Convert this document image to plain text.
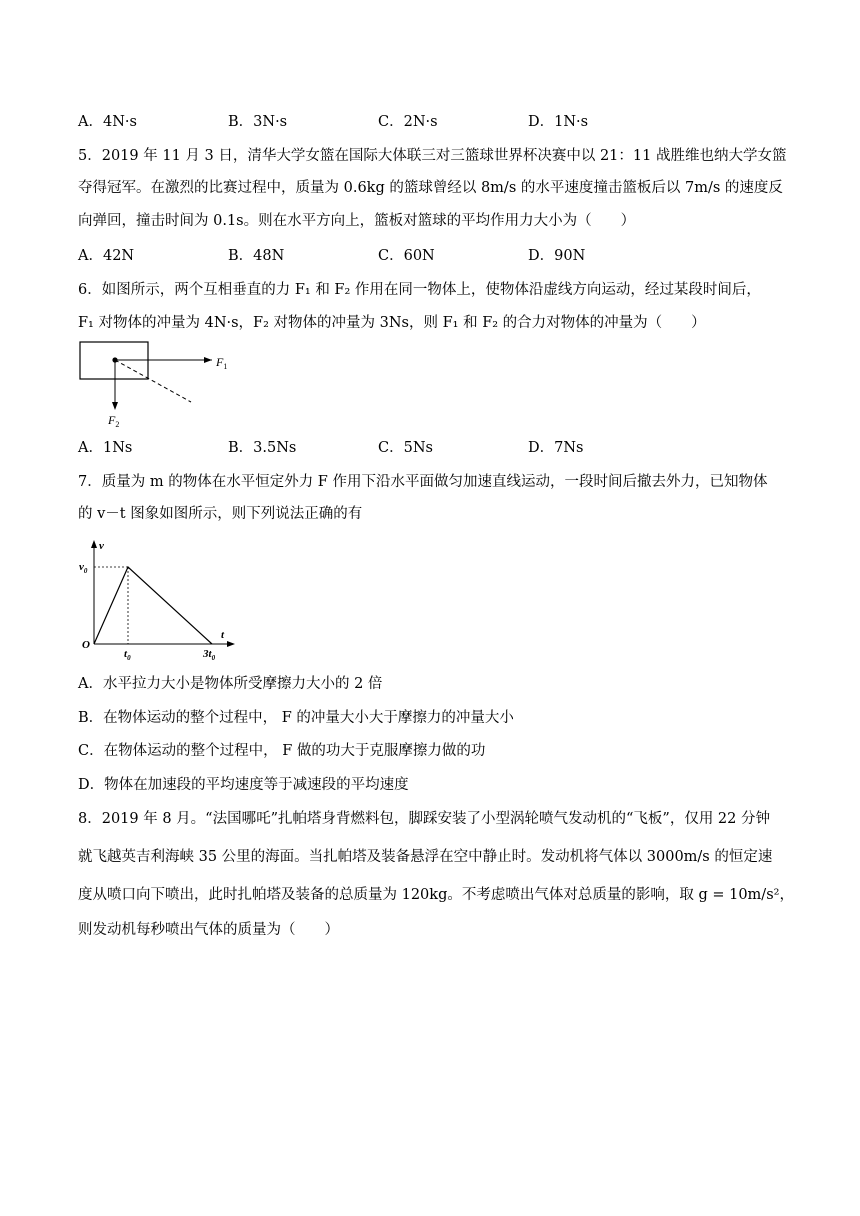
A．4N·s	B．3N·s	C．2N·s	D．1N·s
5．2019 年 11 月 3 日，清华大学女篮在国际大体联三对三篮球世界杯决赛中以 21：11 战胜维也纳大学女篮
夺得冠军。在激烈的比赛过程中，质量为 0.6kg 的篮球曾经以 8m/s 的水平速度撞击篮板后以 7m/s 的速度反
向弹回，撞击时间为 0.1s。则在水平方向上，篮板对篮球的平均作用力大小为（　　）
A．42N	B．48N	C．60N	D．90N
6．如图所示，两个互相垂直的力 F₁ 和 F₂ 作用在同一物体上，使物体沿虚线方向运动，经过某段时间后，
F₁ 对物体的冲量为 4N·s，F₂ 对物体的冲量为 3Ns，则 F₁ 和 F₂ 的合力对物体的冲量为（　　）
$F_1$
$F_2$
A．1Ns	B．3.5Ns	C．5Ns	D．7Ns
7．质量为 m 的物体在水平恒定外力 F 作用下沿水平面做匀加速直线运动，一段时间后撤去外力，已知物体
的 v－t 图象如图所示，则下列说法正确的有
v
t
O
$v_0$
$t_0$	$3t_0$
A．水平拉力大小是物体所受摩擦力大小的 2 倍
B．在物体运动的整个过程中， F 的冲量大小大于摩擦力的冲量大小
C．在物体运动的整个过程中， F 做的功大于克服摩擦力做的功
D．物体在加速段的平均速度等于减速段的平均速度
8．2019 年 8 月。“法国哪吒”扎帕塔身背燃料包，脚踩安装了小型涡轮喷气发动机的“飞板”，仅用 22 分钟
就飞越英吉利海峡 35 公里的海面。当扎帕塔及装备悬浮在空中静止时。发动机将气体以 3000m/s 的恒定速
度从喷口向下喷出，此时扎帕塔及装备的总质量为 120kg。不考虑喷出气体对总质量的影响，取 g = 10m/s²，
则发动机每秒喷出气体的质量为（　　）
